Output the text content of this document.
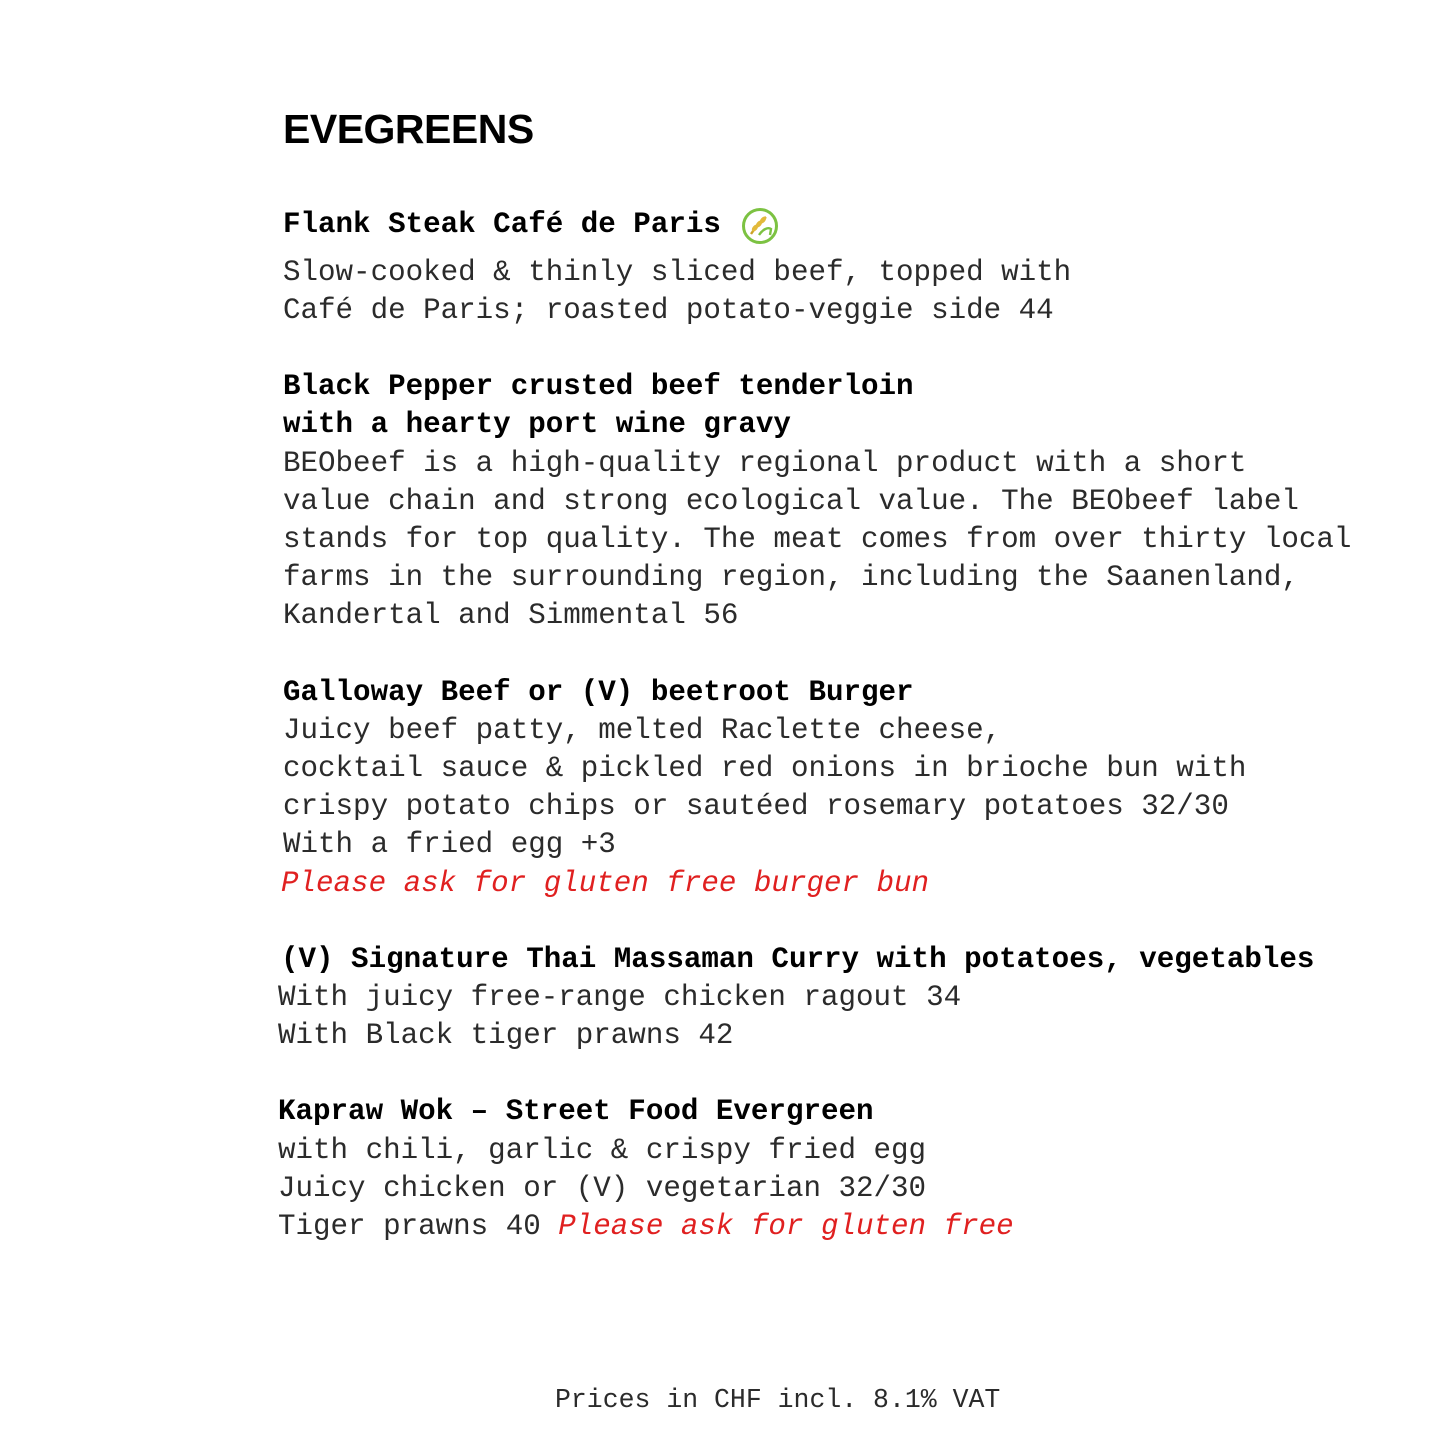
EVEGREENS
Flank Steak Café de Paris
Slow-cooked & thinly sliced beef, topped with
Café de Paris; roasted potato-veggie side 44
Black Pepper crusted beef tenderloin
with a hearty port wine gravy
BEObeef is a high-quality regional product with a short
value chain and strong ecological value. The BEObeef label
stands for top quality. The meat comes from over thirty local
farms in the surrounding region, including the Saanenland,
Kandertal and Simmental 56
Galloway Beef or (V) beetroot Burger
Juicy beef patty, melted Raclette cheese,
cocktail sauce & pickled red onions in brioche bun with
crispy potato chips or sautéed rosemary potatoes 32/30
With a fried egg +3
Please ask for gluten free burger bun
(V) Signature Thai Massaman Curry with potatoes, vegetables
With juicy free-range chicken ragout 34
With Black tiger prawns 42
Kapraw Wok – Street Food Evergreen
with chili, garlic & crispy fried egg
Juicy chicken or (V) vegetarian 32/30
Tiger prawns 40 Please ask for gluten free
Prices in CHF incl. 8.1% VAT
